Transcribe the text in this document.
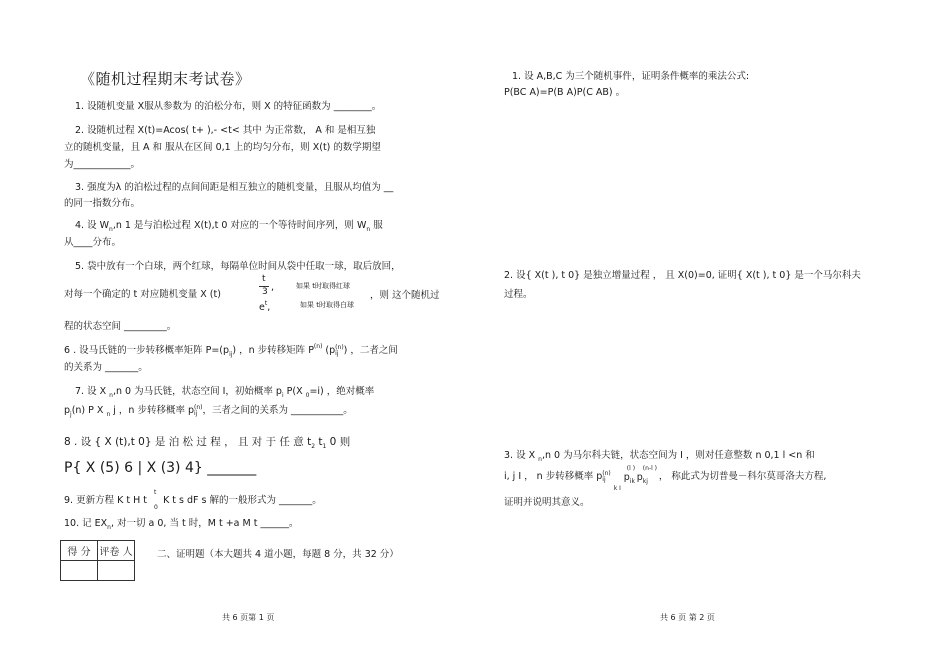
《随机过程期末考试卷》
1. 设随机变量 X服从参数为 的泊松分布，则 X 的特征函数为 ________。
2. 设随机过程 X(t)=Acos( t+ ),- <t< 其中 为正常数， A 和 是相互独
立的随机变量，且 A 和 服从在区间 0,1 上的均匀分布，则 X(t) 的数学期望
为____________。
3. 强度为λ 的泊松过程的点间间距是相互独立的随机变量，且服从均值为 __
的同一指数分布。
4. 设 $W_n,n$ 1 是与泊松过程 X(t),t 0 对应的一个等待时间序列，则 $W_n$ 服
从____分布。
5. 袋中放有一个白球，两个红球，每隔单位时间从袋中任取一球，取后放回，
对每一个确定的 t 对应随机变量 X (t)
t
3 ,
$e^t$,
如果 t时取得红球
如果 t时取得白球
，则 这个随机过
程的状态空间 _________。
6 . 设马氏链的一步转移概率矩阵 $P=(p_{ij})$ ，n 步转移矩阵 $P^{(n)}$ (p (n)
ij ) ，二者之间
的关系为 _______。
7. 设 X $_n$,n 0 为马氏链，状态空间 I，初始概率 $p_i$ P(X $_0$=i) ，绝对概率
$p_j(n)$ P X $_n$ j ，n 步转移概率 p (n)
ij ，三者之间的关系为 ___________。
8 . 设 { X (t),t 0} 是 泊 松 过 程 ， 且 对 于 任 意 $t_2$ $t_1$ 0 则
P{ X (5) 6 | X (3) 4} _______
9. 更新方程 K t H t
t
0
K t s dF s 解的一般形式为 _______。
10. 记 $EX_n$, 对一切 a 0, 当 t 时，M t +a M t ______。
得 分	评卷 人
		二、证明题（本大题共 4 道小题，每题 8 分，共 32 分）
共 6 页第 1 页
1. 设 A,B,C 为三个随机事件，证明条件概率的乘法公式:
P(BC A)=P(B A)P(C AB) 。
2. 设{ X(t ), t 0} 是独立增量过程 ， 且 X(0)=0, 证明{ X(t ), t 0} 是一个马尔科夫
过程。
3. 设 X $_n$,n 0 为马尔科夫链，状态空间为 I ，则对任意整数 n 0,1 l <n 和
i, j I ， n 步转移概率 p (n)
ij

(l )
p ik p
(n-l )
kj
k I
， 称此式为切普曼－科尔莫哥洛夫方程,
证明并说明其意义。
共 6 页 第 2 页
